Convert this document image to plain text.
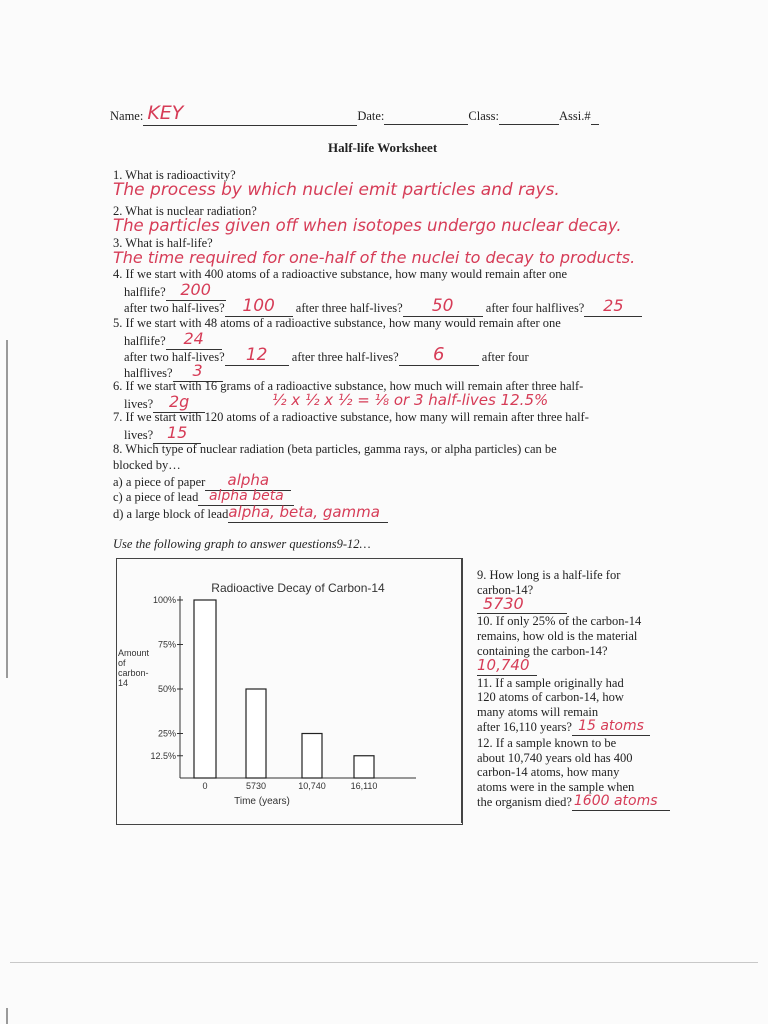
Name: KEY	Date:	Class:	Assi.#
Half-life Worksheet
1. What is radioactivity?
The process by which nuclei emit particles and rays.
2. What is nuclear radiation?
The particles given off when isotopes undergo nuclear decay.
3. What is half-life?
The time required for one-half of the nuclei to decay to products.
4. If we start with 400 atoms of a radioactive substance, how many would remain after one
halflife? 200
after two half-lives? 100 after three half-lives? 50	after four halflives? 25
5. If we start with 48 atoms of a radioactive substance, how many would remain after one
halflife? 24
after two half-lives? 12 after three half-lives? 6	after four
halflives? 3
6. If we start with 16 grams of a radioactive substance, how much will remain after three half-
lives? 2g	½ x ½ x ½ = ⅛ or 3 half-lives 12.5%
7. If we start with 120 atoms of a radioactive substance, how many will remain after three half-
lives? 15
8. Which type of nuclear radiation (beta particles, gamma rays, or alpha particles) can be
blocked by…
a) a piece of paper alpha
c) a piece of lead alpha beta
d) a large block of leadalpha, beta, gamma
Use the following graph to answer questions9-12…
Radioactive Decay of Carbon-14
Amount
of
carbon-
14
100%
75%
50%
25%
12.5%
0	5730	10,740	16,110
Time (years)
9. How long is a half-life for
carbon-14?
5730
10. If only 25% of the carbon-14
remains, how old is the material
containing the carbon-14?
10,740
11. If a sample originally had
120 atoms of carbon-14, how
many atoms will remain
after 16,110 years? 15 atoms
12. If a sample known to be
about 10,740 years old has 400
carbon-14 atoms, how many
atoms were in the sample when
the organism died? 1600 atoms
